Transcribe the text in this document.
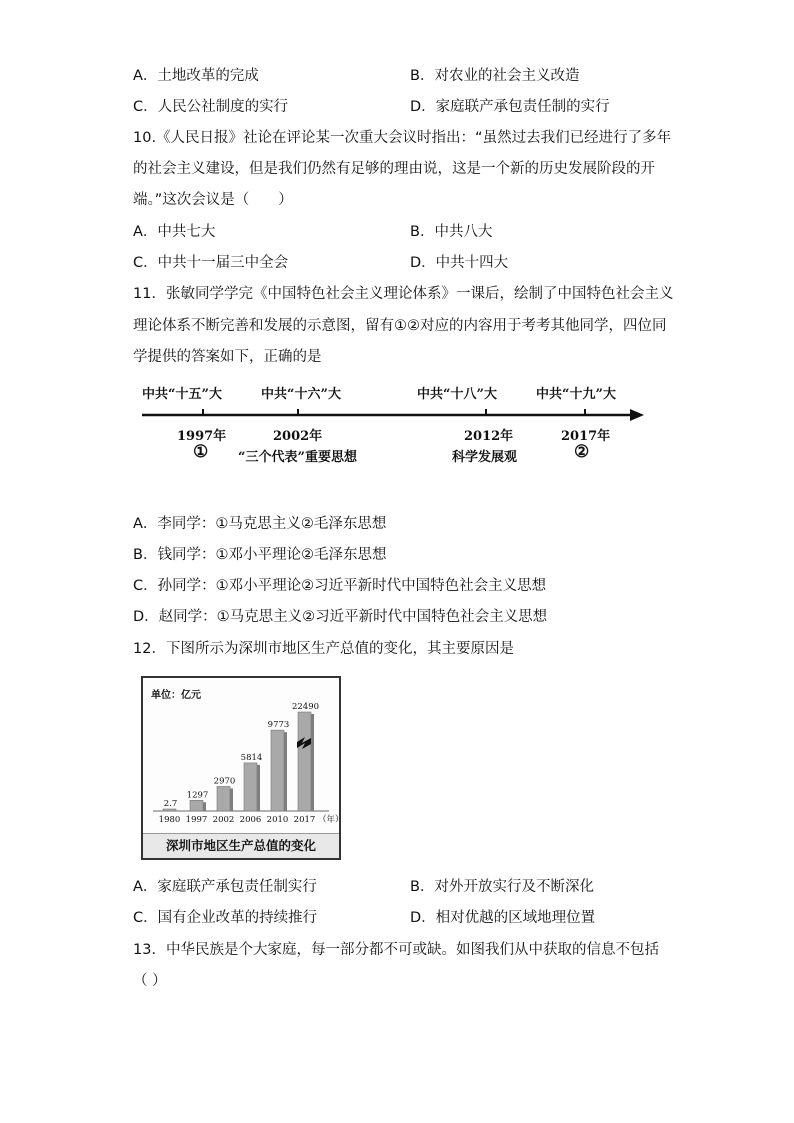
A．土地改革的完成	B．对农业的社会主义改造
C．人民公社制度的实行	D．家庭联产承包责任制的实行
10.《人民日报》社论在评论某一次重大会议时指出：“虽然过去我们已经进行了多年
的社会主义建设，但是我们仍然有足够的理由说，这是一个新的历史发展阶段的开
端。”这次会议是（　　）
A．中共七大	B．中共八大
C．中共十一届三中全会	D．中共十四大
11．张敏同学学完《中国特色社会主义理论体系》一课后，绘制了中国特色社会主义
理论体系不断完善和发展的示意图，留有①②对应的内容用于考考其他同学，四位同
学提供的答案如下，正确的是
中共“十五”大	中共“十六”大	中共“十八”大	中共“十九”大
1997年	2002年	2012年	2017年
① “三个代表”重要思想	科学发展观	②
A．李同学：①马克思主义②毛泽东思想
B．钱同学：①邓小平理论②毛泽东思想
C．孙同学：①邓小平理论②习近平新时代中国特色社会主义思想
D．赵同学：①马克思主义②习近平新时代中国特色社会主义思想
12．下图所示为深圳市地区生产总值的变化，其主要原因是
单位：亿元
2.7
1980
1297
1997
2970
2002
5814
2006
9773
2010
22490
2017 （年）
深圳市地区生产总值的变化
A．家庭联产承包责任制实行	B．对外开放实行及不断深化
C．国有企业改革的持续推行	D．相对优越的区域地理位置
13．中华民族是个大家庭，每一部分都不可或缺。如图我们从中获取的信息不包括
（ ）
